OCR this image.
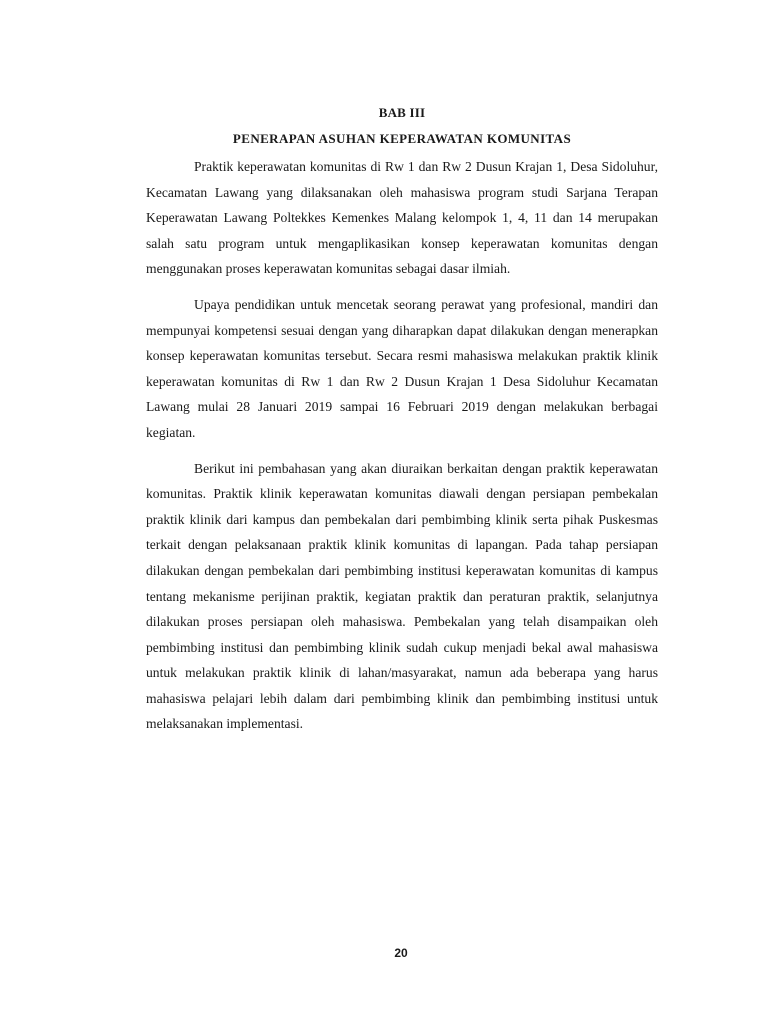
BAB III
PENERAPAN ASUHAN KEPERAWATAN KOMUNITAS

Praktik keperawatan komunitas di Rw 1 dan Rw 2 Dusun Krajan 1, Desa Sidoluhur, Kecamatan Lawang yang dilaksanakan oleh mahasiswa program studi Sarjana Terapan Keperawatan Lawang Poltekkes Kemenkes Malang kelompok 1, 4, 11 dan 14 merupakan salah satu program untuk mengaplikasikan konsep keperawatan komunitas dengan menggunakan proses keperawatan komunitas sebagai dasar ilmiah.

Upaya pendidikan untuk mencetak seorang perawat yang profesional, mandiri dan mempunyai kompetensi sesuai dengan yang diharapkan dapat dilakukan dengan menerapkan konsep keperawatan komunitas tersebut. Secara resmi mahasiswa melakukan praktik klinik keperawatan komunitas di Rw 1 dan Rw 2 Dusun Krajan 1 Desa Sidoluhur Kecamatan Lawang mulai 28 Januari 2019 sampai 16 Februari 2019 dengan melakukan berbagai kegiatan.

Berikut ini pembahasan yang akan diuraikan berkaitan dengan praktik keperawatan komunitas. Praktik klinik keperawatan komunitas diawali dengan persiapan pembekalan praktik klinik dari kampus dan pembekalan dari pembimbing klinik serta pihak Puskesmas terkait dengan pelaksanaan praktik klinik komunitas di lapangan. Pada tahap persiapan dilakukan dengan pembekalan dari pembimbing institusi keperawatan komunitas di kampus tentang mekanisme perijinan praktik, kegiatan praktik dan peraturan praktik, selanjutnya dilakukan proses persiapan oleh mahasiswa. Pembekalan yang telah disampaikan oleh pembimbing institusi dan pembimbing klinik sudah cukup menjadi bekal awal mahasiswa untuk melakukan praktik klinik di lahan/masyarakat, namun ada beberapa yang harus mahasiswa pelajari lebih dalam dari pembimbing klinik dan pembimbing institusi untuk melaksanakan implementasi.

20
